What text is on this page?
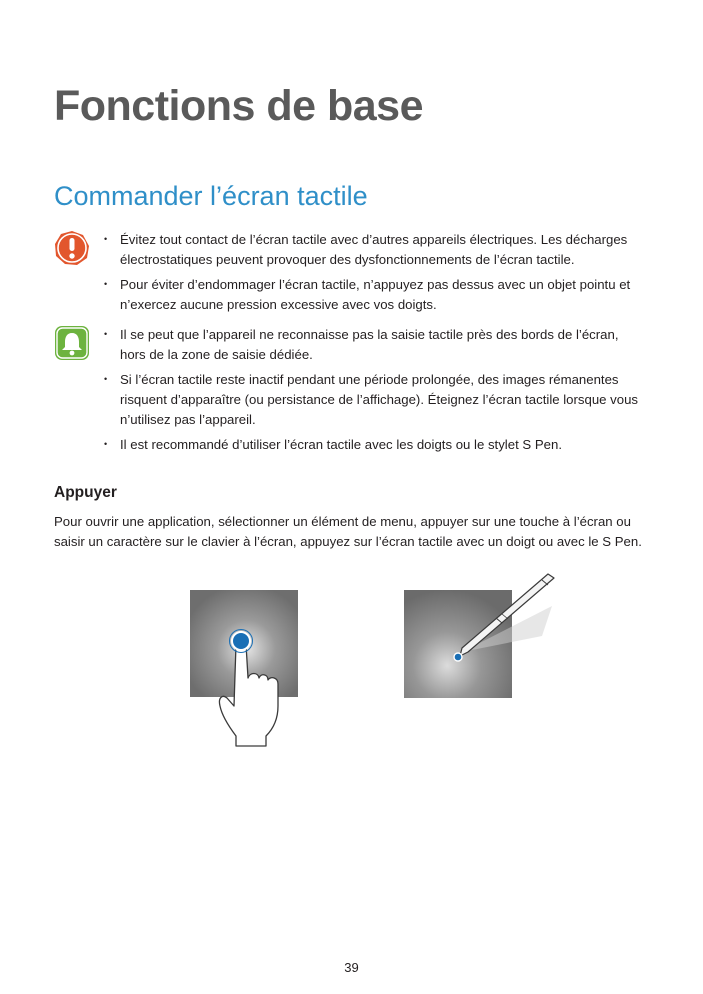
Fonctions de base
Commander l’écran tactile
• Évitez tout contact de l’écran tactile avec d’autres appareils électriques. Les décharges électrostatiques peuvent provoquer des dysfonctionnements de l’écran tactile.
• Pour éviter d’endommager l’écran tactile, n’appuyez pas dessus avec un objet pointu et n’exercez aucune pression excessive avec vos doigts.
• Il se peut que l’appareil ne reconnaisse pas la saisie tactile près des bords de l’écran, hors de la zone de saisie dédiée.
• Si l’écran tactile reste inactif pendant une période prolongée, des images rémanentes risquent d’apparaître (ou persistance de l’affichage). Éteignez l’écran tactile lorsque vous n’utilisez pas l’appareil.
• Il est recommandé d’utiliser l’écran tactile avec les doigts ou le stylet S Pen.
Appuyer

Pour ouvrir une application, sélectionner un élément de menu, appuyer sur une touche à l’écran ou saisir un caractère sur le clavier à l’écran, appuyez sur l’écran tactile avec un doigt ou avec le S Pen.

39
